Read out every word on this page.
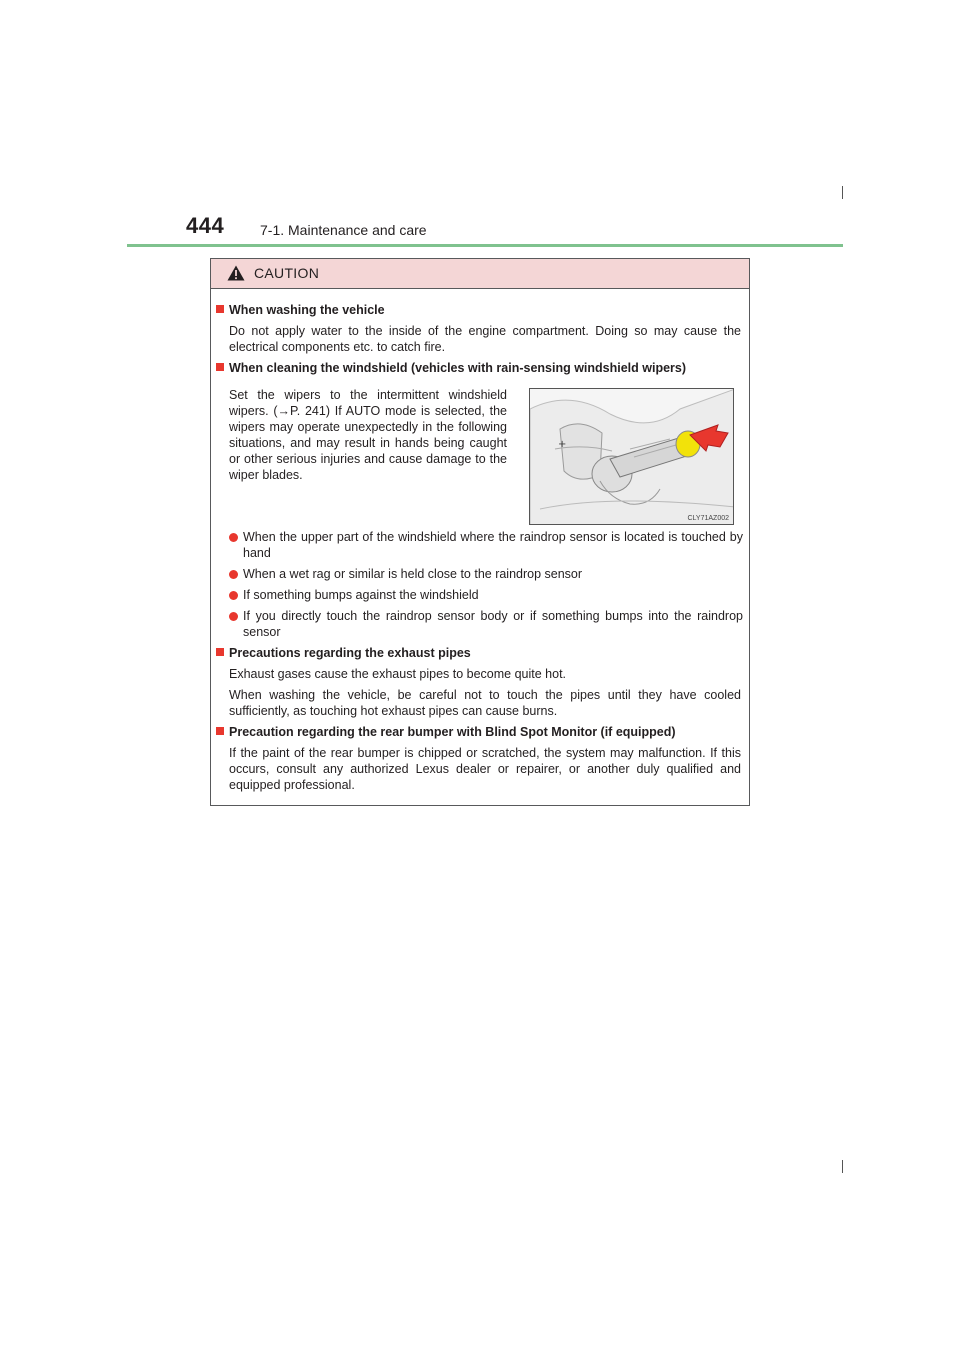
444	7-1. Maintenance and care
CAUTION
When washing the vehicle
Do not apply water to the inside of the engine compartment. Doing so may cause the electrical components etc. to catch fire.
When cleaning the windshield (vehicles with rain-sensing windshield wipers)
Set the wipers to the intermittent windshield wipers. (→P. 241) If AUTO mode is selected, the wipers may operate unexpectedly in the following situations, and may result in hands being caught or other serious injuries and cause damage to the wiper blades.
+
CLY71AZ002
When the upper part of the windshield where the raindrop sensor is located is touched by hand
When a wet rag or similar is held close to the raindrop sensor
If something bumps against the windshield
If you directly touch the raindrop sensor body or if something bumps into the raindrop sensor
Precautions regarding the exhaust pipes
Exhaust gases cause the exhaust pipes to become quite hot.
When washing the vehicle, be careful not to touch the pipes until they have cooled sufficiently, as touching hot exhaust pipes can cause burns.
Precaution regarding the rear bumper with Blind Spot Monitor (if equipped)
If the paint of the rear bumper is chipped or scratched, the system may malfunction. If this occurs, consult any authorized Lexus dealer or repairer, or another duly qualified and equipped professional.
